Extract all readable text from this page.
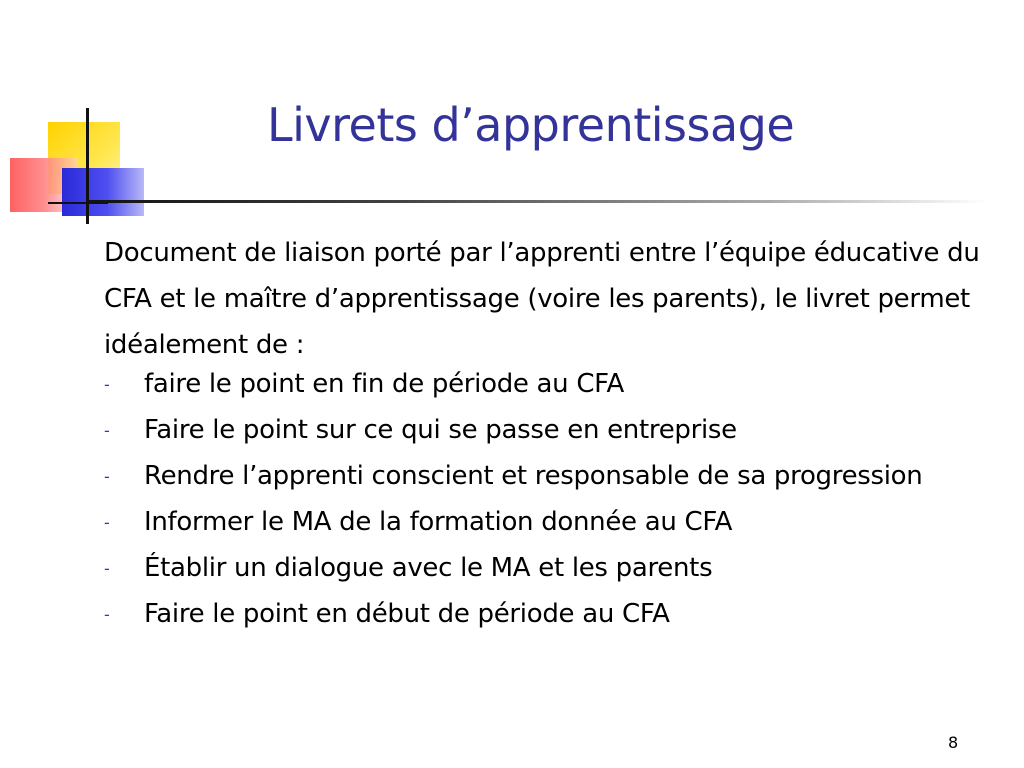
Livrets d’apprentissage

Document de liaison porté par l’apprenti entre l’équipe éducative du CFA et le maître d’apprentissage (voire les parents), le livret permet idéalement de :

- faire le point en fin de période au CFA
- Faire le point sur ce qui se passe en entreprise
- Rendre l’apprenti conscient et responsable de sa progression
- Informer le MA de la formation donnée au CFA
- Établir un dialogue avec le MA et les parents
- Faire le point en début de période au CFA
8
